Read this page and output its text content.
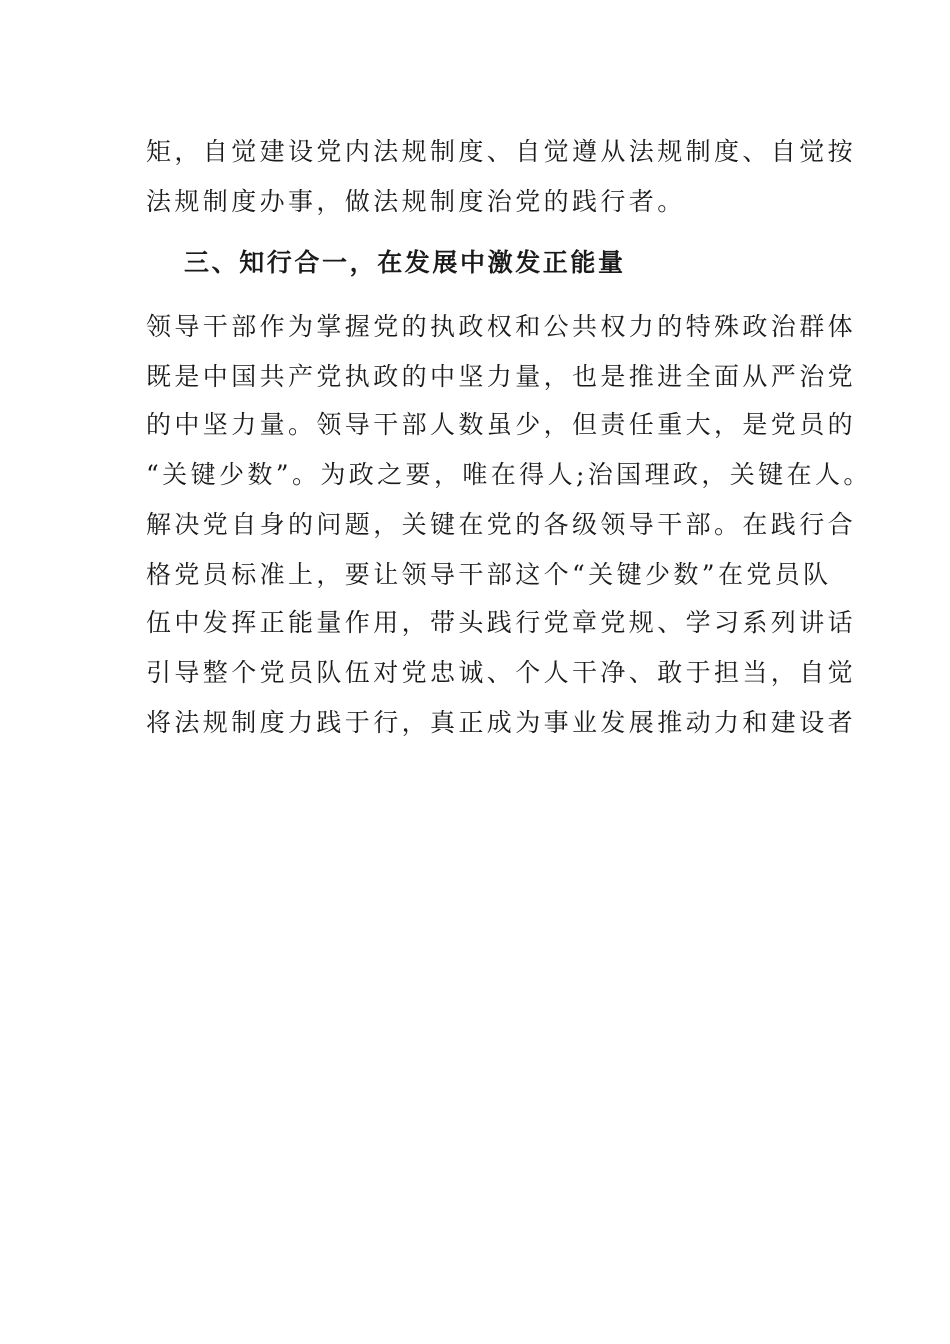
矩，自觉建设党内法规制度、自觉遵从法规制度、自觉按
法规制度办事，做法规制度治党的践行者。
三、知行合一，在发展中激发正能量
领导干部作为掌握党的执政权和公共权力的特殊政治群体
既是中国共产党执政的中坚力量，也是推进全面从严治党
的中坚力量。领导干部人数虽少，但责任重大，是党员的
“关键少数”。为政之要，唯在得人;治国理政，关键在人。
解决党自身的问题，关键在党的各级领导干部。在践行合
格党员标准上，要让领导干部这个“关键少数”在党员队
伍中发挥正能量作用，带头践行党章党规、学习系列讲话
引导整个党员队伍对党忠诚、个人干净、敢于担当，自觉
将法规制度力践于行，真正成为事业发展推动力和建设者
